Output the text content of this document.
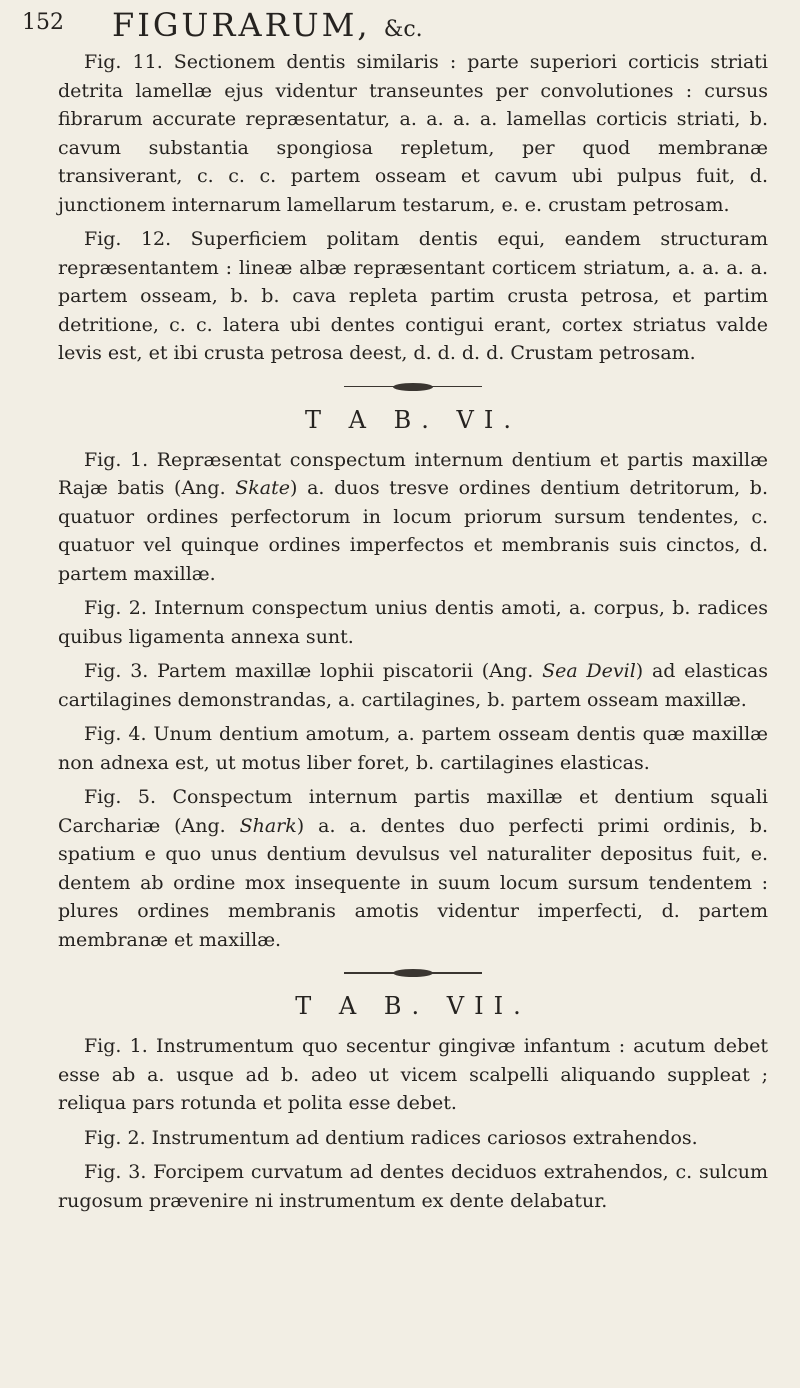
152 FIGURARUM, &c.

Fig. 11. Sectionem dentis similaris : parte superiori corticis striati detrita lamellæ ejus videntur transeuntes per convolutiones : cursus fibrarum accurate repræsentatur, a. a. a. a. lamellas corticis striati, b. cavum substantia spongiosa repletum, per quod membranæ transiverant, c. c. c. partem osseam et cavum ubi pulpus fuit, d. junctionem internarum lamellarum testarum, e. e. crustam petrosam.

Fig. 12. Superficiem politam dentis equi, eandem structuram repræsentantem : lineæ albæ repræsentant corticem striatum, a. a. a. a. partem osseam, b. b. cava repleta partim crusta petrosa, et partim detritione, c. c. latera ubi dentes contigui erant, cortex striatus valde levis est, et ibi crusta petrosa deest, d. d. d. d. Crustam petrosam.

T A B. VI.

Fig. 1. Repræsentat conspectum internum dentium et partis maxillæ Rajæ batis (Ang. Skate) a. duos tresve ordines dentium detritorum, b. quatuor ordines perfectorum in locum priorum sursum tendentes, c. quatuor vel quinque ordines imperfectos et membranis suis cinctos, d. partem maxillæ.

Fig. 2. Internum conspectum unius dentis amoti, a. corpus, b. radices quibus ligamenta annexa sunt.

Fig. 3. Partem maxillæ lophii piscatorii (Ang. Sea Devil) ad elasticas cartilagines demonstrandas, a. cartilagines, b. partem osseam maxillæ.

Fig. 4. Unum dentium amotum, a. partem osseam dentis quæ maxillæ non adnexa est, ut motus liber foret, b. cartilagines elasticas.

Fig. 5. Conspectum internum partis maxillæ et dentium squali Carchariæ (Ang. Shark) a. a. dentes duo perfecti primi ordinis, b. spatium e quo unus dentium devulsus vel naturaliter depositus fuit, e. dentem ab ordine mox insequente in suum locum sursum tendentem : plures ordines membranis amotis videntur imperfecti, d. partem membranæ et maxillæ.

T A B. VII.

Fig. 1. Instrumentum quo secentur gingivæ infantum : acutum debet esse ab a. usque ad b. adeo ut vicem scalpelli aliquando suppleat ; reliqua pars rotunda et polita esse debet.

Fig. 2. Instrumentum ad dentium radices cariosos extrahendos.

Fig. 3. Forcipem curvatum ad dentes deciduos extrahendos, c. sulcum rugosum prævenire ni instrumentum ex dente delabatur.
